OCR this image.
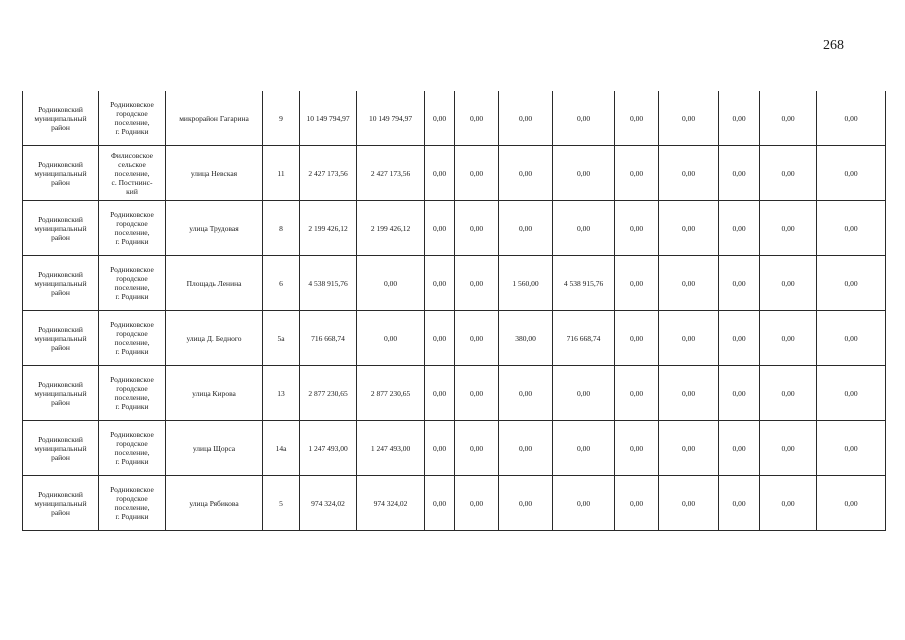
268
Родниковский
муниципальный
район	Родниковское
городское
поселение,
г. Родники	микрорайон Гагарина	9	10 149 794,97	10 149 794,97	0,00	0,00	0,00	0,00	0,00	0,00	0,00	0,00	0,00

Родниковский
муниципальный
район	Филисовское
сельское
поселение,
с. Постнинс-
кий	улица Невская	11	2 427 173,56	2 427 173,56	0,00	0,00	0,00	0,00	0,00	0,00	0,00	0,00	0,00

Родниковский
муниципальный
район	Родниковское
городское
поселение,
г. Родники	улица Трудовая	8	2 199 426,12	2 199 426,12	0,00	0,00	0,00	0,00	0,00	0,00	0,00	0,00	0,00

Родниковский
муниципальный
район	Родниковское
городское
поселение,
г. Родники	Площадь Ленина	6	4 538 915,76	0,00	0,00	0,00	1 560,00	4 538 915,76	0,00	0,00	0,00	0,00	0,00

Родниковский
муниципальный
район	Родниковское
городское
поселение,
г. Родники	улица Д. Бедного	5а	716 668,74	0,00	0,00	0,00	380,00	716 668,74	0,00	0,00	0,00	0,00	0,00

Родниковский
муниципальный
район	Родниковское
городское
поселение,
г. Родники	улица Кирова	13	2 877 230,65	2 877 230,65	0,00	0,00	0,00	0,00	0,00	0,00	0,00	0,00	0,00

Родниковский
муниципальный
район	Родниковское
городское
поселение,
г. Родники	улица Щорса	14а	1 247 493,00	1 247 493,00	0,00	0,00	0,00	0,00	0,00	0,00	0,00	0,00	0,00

Родниковский
муниципальный
район	Родниковское
городское
поселение,
г. Родники	улица Рябикова	5	974 324,02	974 324,02	0,00	0,00	0,00	0,00	0,00	0,00	0,00	0,00	0,00
